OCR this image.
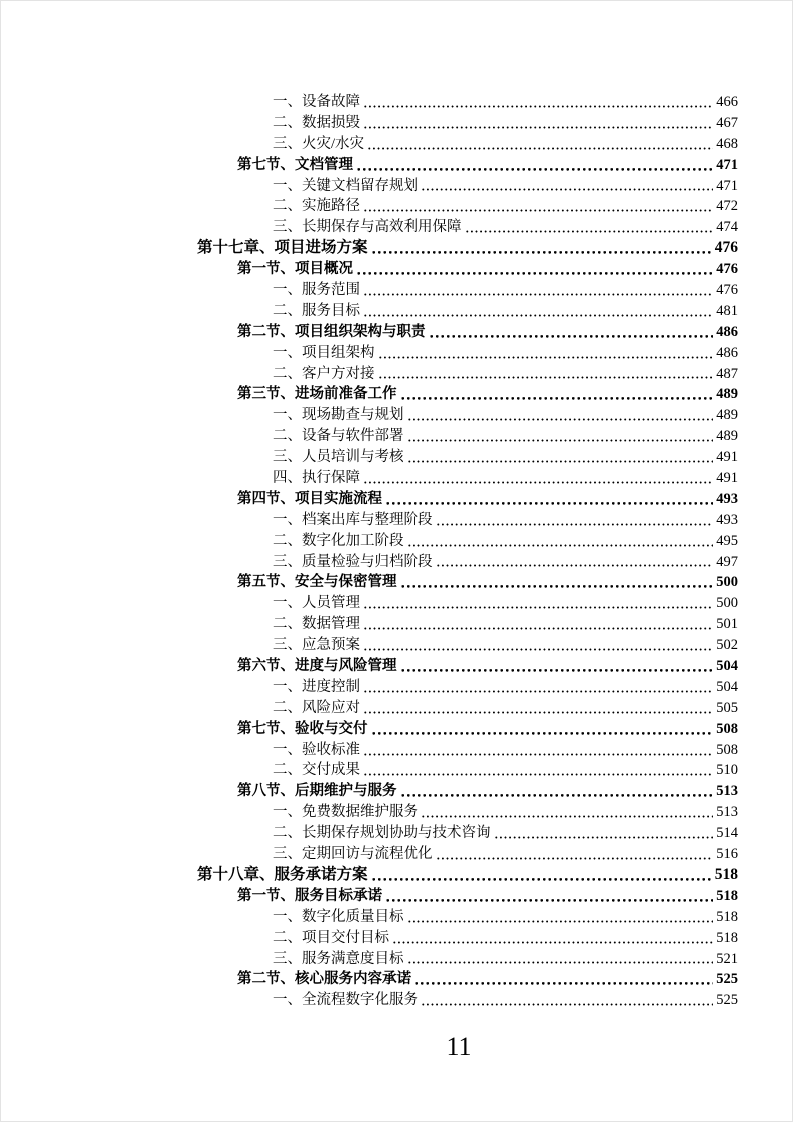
一、设备故障	466
二、数据损毁	467
三、火灾/水灾	468
第七节、文档管理	471
一、关键文档留存规划	471
二、实施路径	472
三、长期保存与高效利用保障	474
第十七章、项目进场方案	476
第一节、项目概况	476
一、服务范围	476
二、服务目标	481
第二节、项目组织架构与职责	486
一、项目组架构	486
二、客户方对接	487
第三节、进场前准备工作	489
一、现场勘查与规划	489
二、设备与软件部署	489
三、人员培训与考核	491
四、执行保障	491
第四节、项目实施流程	493
一、档案出库与整理阶段	493
二、数字化加工阶段	495
三、质量检验与归档阶段	497
第五节、安全与保密管理	500
一、人员管理	500
二、数据管理	501
三、应急预案	502
第六节、进度与风险管理	504
一、进度控制	504
二、风险应对	505
第七节、验收与交付	508
一、验收标准	508
二、交付成果	510
第八节、后期维护与服务	513
一、免费数据维护服务	513
二、长期保存规划协助与技术咨询	514
三、定期回访与流程优化	516
第十八章、服务承诺方案	518
第一节、服务目标承诺	518
一、数字化质量目标	518
二、项目交付目标	518
三、服务满意度目标	521
第二节、核心服务内容承诺	525
一、全流程数字化服务	525
11
